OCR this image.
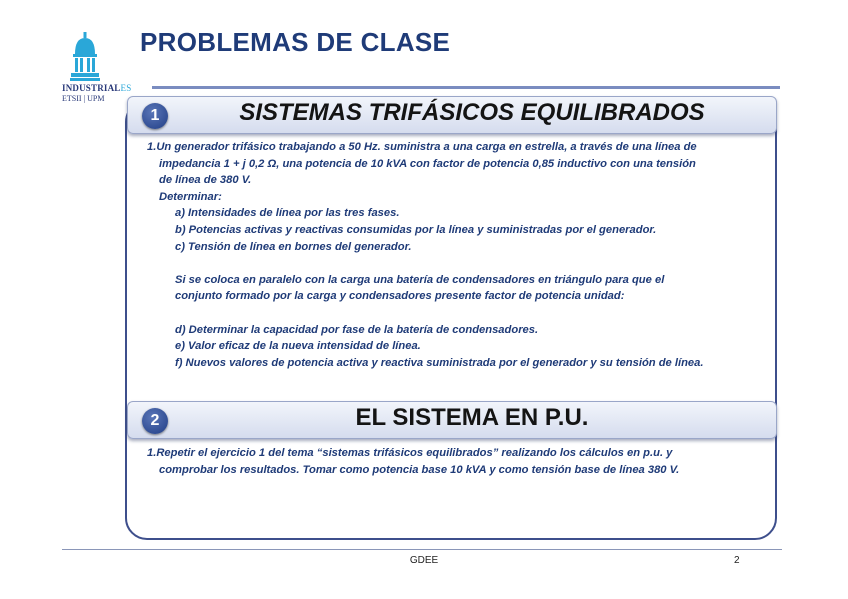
INDUSTRIALES
ETSII | UPM
PROBLEMAS DE CLASE
1	SISTEMAS TRIFÁSICOS EQUILIBRADOS
1.Un generador trifásico trabajando a 50 Hz. suministra a una carga en estrella, a través de una línea de
impedancia 1 + j 0,2 Ω, una potencia de 10 kVA con factor de potencia 0,85 inductivo con una tensión
de línea de 380 V.
Determinar:
a) Intensidades de línea por las tres fases.
b) Potencias activas y reactivas consumidas por la línea y suministradas por el generador.
c) Tensión de línea en bornes del generador.
Si se coloca en paralelo con la carga una batería de condensadores en triángulo para que el
conjunto formado por la carga y condensadores presente factor de potencia unidad:
d) Determinar la capacidad por fase de la batería de condensadores.
e) Valor eficaz de la nueva intensidad de línea.
f) Nuevos valores de potencia activa y reactiva suministrada por el generador y su tensión de línea.
2	EL SISTEMA EN P.U.
1.Repetir el ejercicio 1 del tema “sistemas trifásicos equilibrados” realizando los cálculos en p.u. y
comprobar los resultados. Tomar como potencia base 10 kVA y como tensión base de línea 380 V.
GDEE	2
